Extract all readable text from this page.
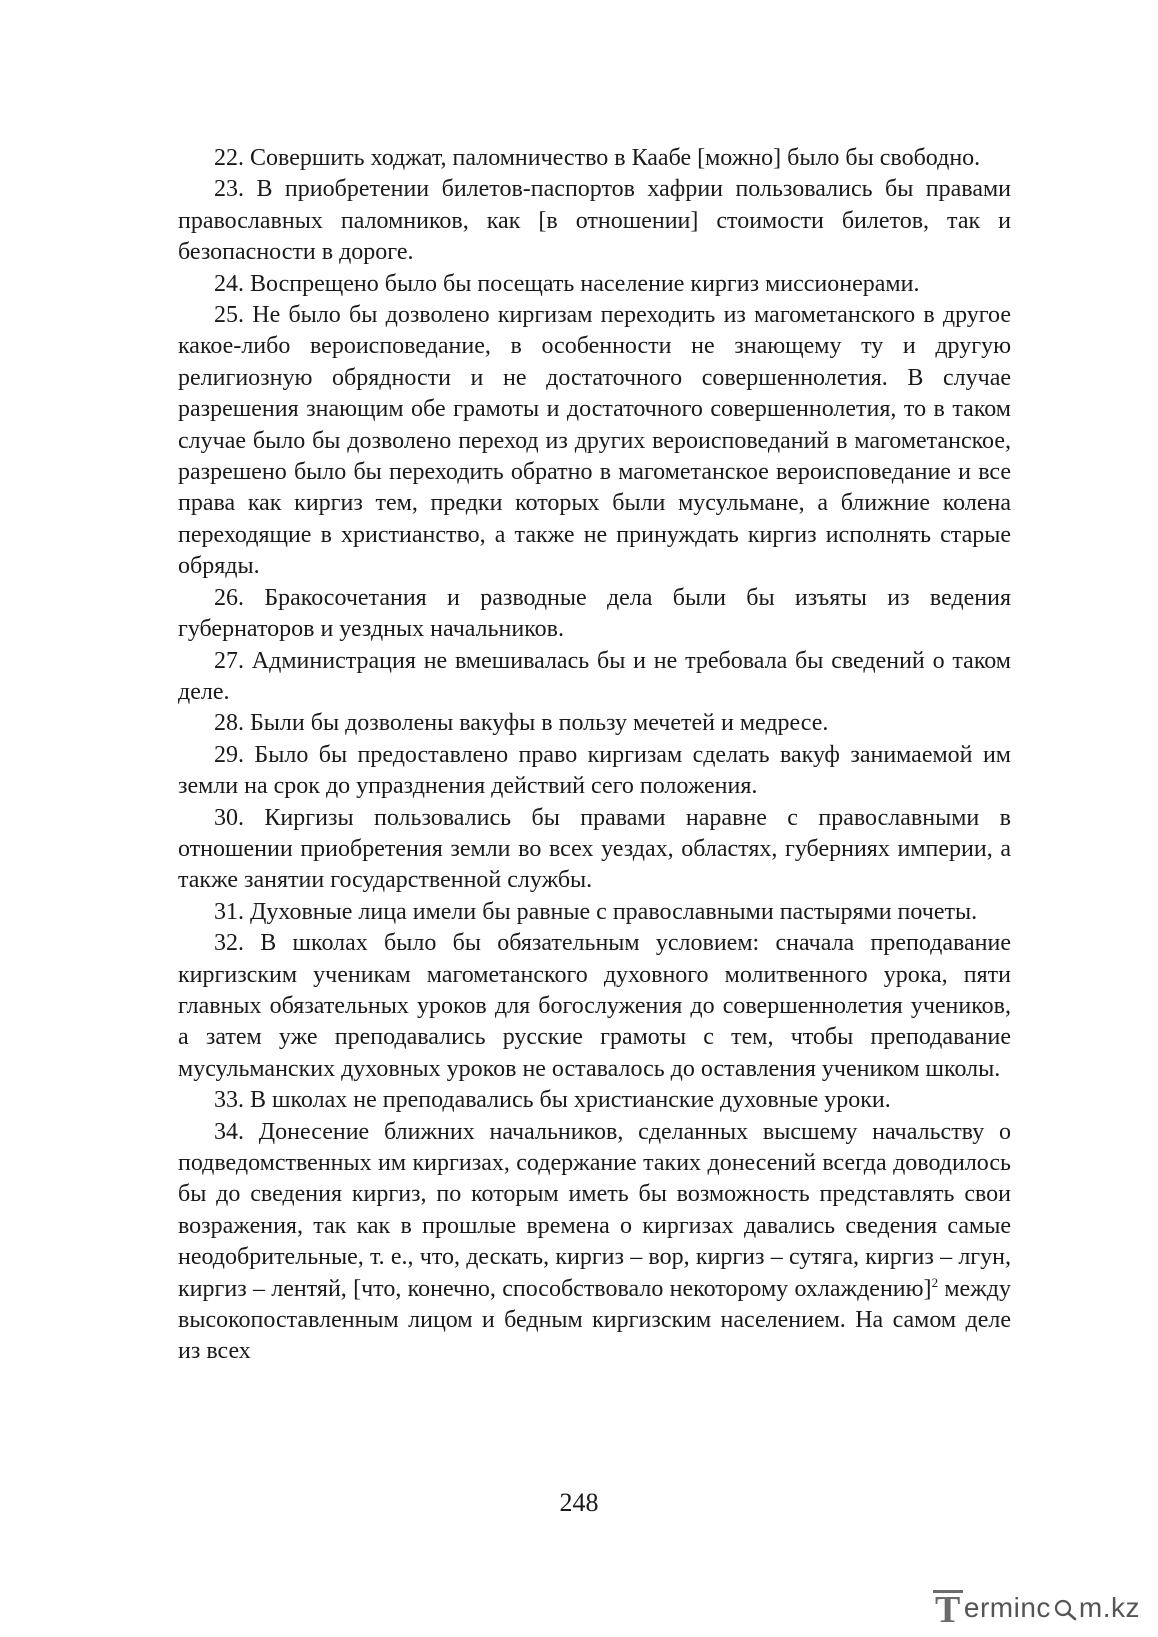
22. Совершить ходжат, паломничество в Каабе [можно] было бы свободно.

23. В приобретении билетов-паспортов хафрии пользовались бы правами православных паломников, как [в отношении] стоимости билетов, так и безопасности в дороге.

24. Воспрещено было бы посещать население киргиз миссионерами.

25. Не было бы дозволено киргизам переходить из магометанского в другое какое-либо вероисповедание, в особенности не знающему ту и другую религиозную обрядности и не достаточного совершеннолетия. В случае разрешения знающим обе грамоты и достаточного совершеннолетия, то в таком случае было бы дозволено переход из других вероисповеданий в магометанское, разрешено было бы переходить обратно в магометанское вероисповедание и все права как киргиз тем, предки которых были мусульмане, а ближние колена переходящие в христианство, а также не принуждать киргиз исполнять старые обряды.

26. Бракосочетания и разводные дела были бы изъяты из ведения губернаторов и уездных начальников.

27. Администрация не вмешивалась бы и не требовала бы сведений о таком деле.

28. Были бы дозволены вакуфы в пользу мечетей и медресе.

29. Было бы предоставлено право киргизам сделать вакуф занимаемой им земли на срок до упразднения действий сего положения.

30. Киргизы пользовались бы правами наравне с православными в отношении приобретения земли во всех уездах, областях, губерниях империи, а также занятии государственной службы.

31. Духовные лица имели бы равные с православными пастырями почеты.

32. В школах было бы обязательным условием: сначала преподавание киргизским ученикам магометанского духовного молитвенного урока, пяти главных обязательных уроков для богослужения до совершеннолетия учеников, а затем уже преподавались русские грамоты с тем, чтобы преподавание мусульманских духовных уроков не оставалось до оставления учеником школы.

33. В школах не преподавались бы христианские духовные уроки.

34. Донесение ближних начальников, сделанных высшему начальству о подведомственных им киргизах, содержание таких донесений всегда доводилось бы до сведения киргиз, по которым иметь бы возможность представлять свои возражения, так как в прошлые времена о киргизах давались сведения самые неодобрительные, т. е., что, дескать, киргиз – вор, киргиз – сутяга, киргиз – лгун, киргиз – лентяй, [что, конечно, способствовало некоторому охлаждению]$^2$ между высокопоставленным лицом и бедным киргизским населением. На самом деле из всех

248
T erminc m.kz
